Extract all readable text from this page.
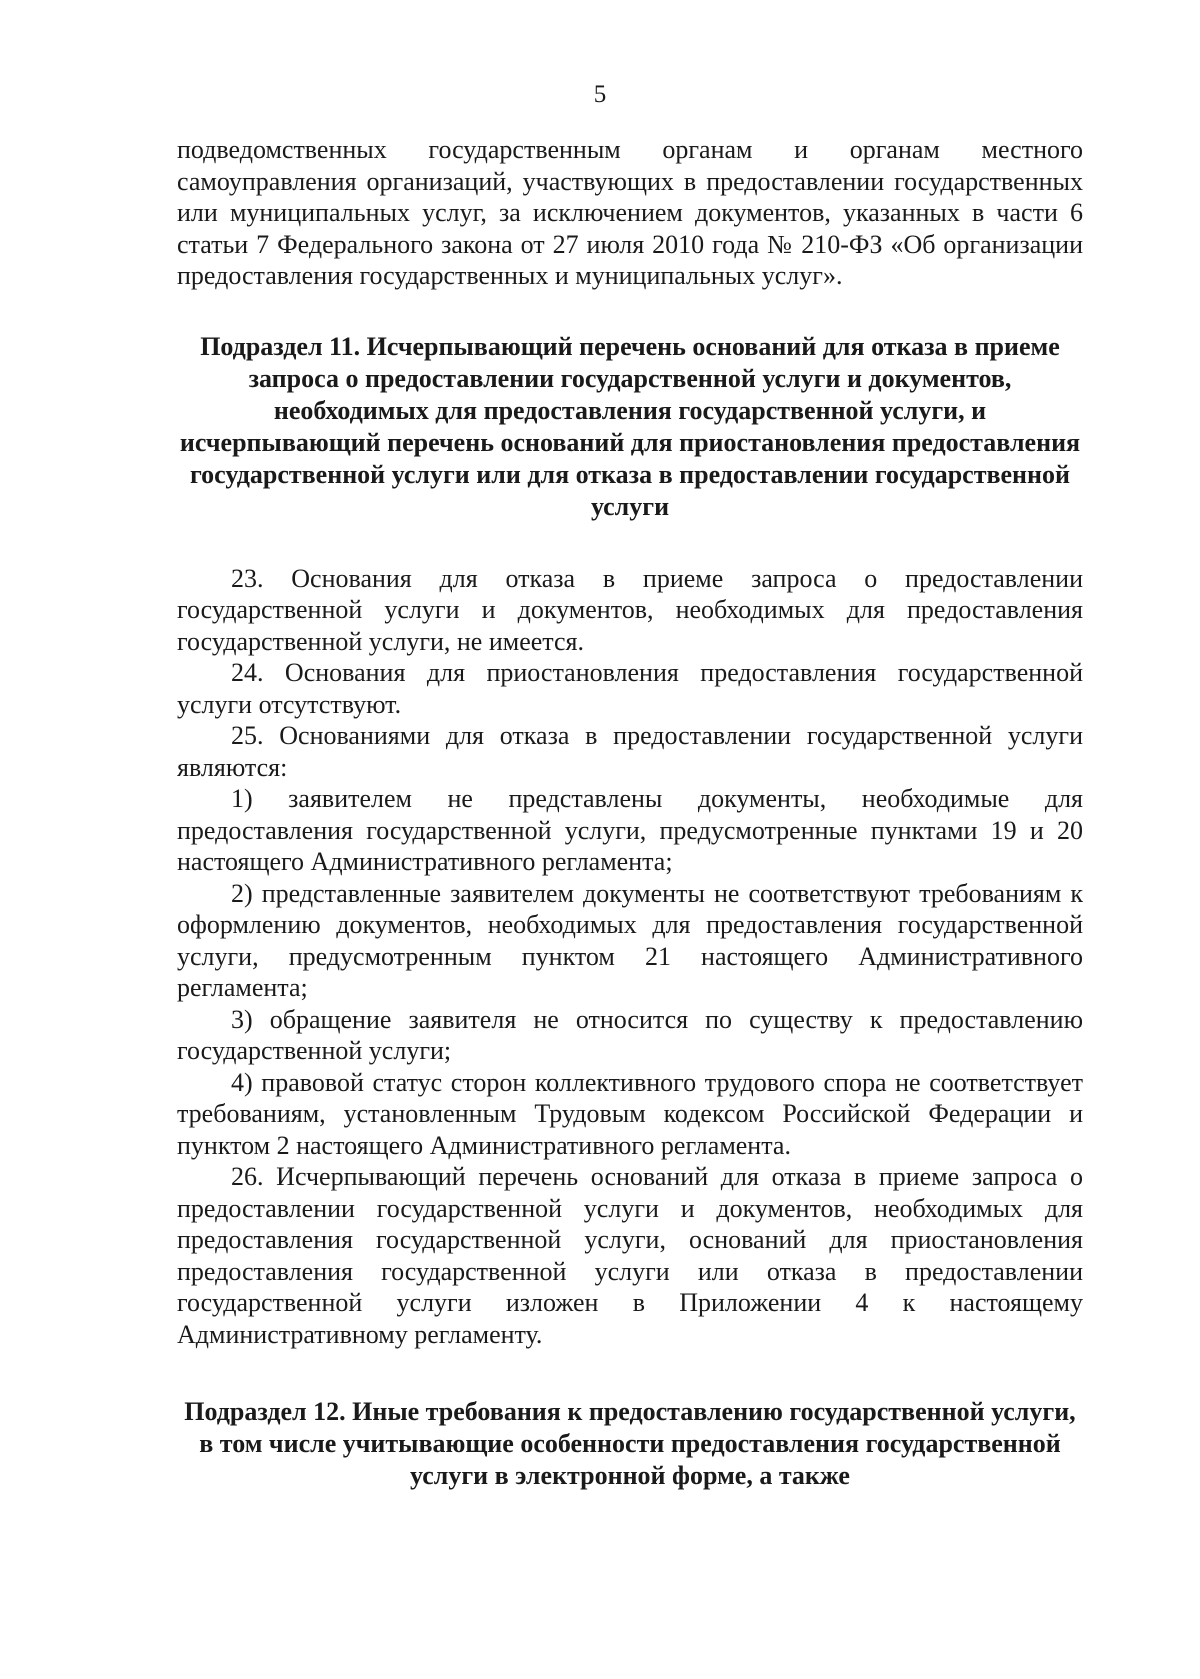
5

подведомственных государственным органам и органам местного самоуправления организаций, участвующих в предоставлении государственных или муниципальных услуг, за исключением документов, указанных в части 6 статьи 7 Федерального закона от 27 июля 2010 года № 210-ФЗ «Об организации предоставления государственных и муниципальных услуг».

Подраздел 11. Исчерпывающий перечень оснований для отказа в приеме запроса о предоставлении государственной услуги и документов, необходимых для предоставления государственной услуги, и исчерпывающий перечень оснований для приостановления предоставления государственной услуги или для отказа в предоставлении государственной услуги

23. Основания для отказа в приеме запроса о предоставлении государственной услуги и документов, необходимых для предоставления государственной услуги, не имеется.

24. Основания для приостановления предоставления государственной услуги отсутствуют.

25. Основаниями для отказа в предоставлении государственной услуги являются:

1) заявителем не представлены документы, необходимые для предоставления государственной услуги, предусмотренные пунктами 19 и 20 настоящего Административного регламента;

2) представленные заявителем документы не соответствуют требованиям к оформлению документов, необходимых для предоставления государственной услуги, предусмотренным пунктом 21 настоящего Административного регламента;

3) обращение заявителя не относится по существу к предоставлению государственной услуги;

4) правовой статус сторон коллективного трудового спора не соответствует требованиям, установленным Трудовым кодексом Российской Федерации и пунктом 2 настоящего Административного регламента.

26. Исчерпывающий перечень оснований для отказа в приеме запроса о предоставлении государственной услуги и документов, необходимых для предоставления государственной услуги, оснований для приостановления предоставления государственной услуги или отказа в предоставлении государственной услуги изложен в Приложении 4 к настоящему Административному регламенту.

Подраздел 12. Иные требования к предоставлению государственной услуги, в том числе учитывающие особенности предоставления государственной услуги в электронной форме, а также
